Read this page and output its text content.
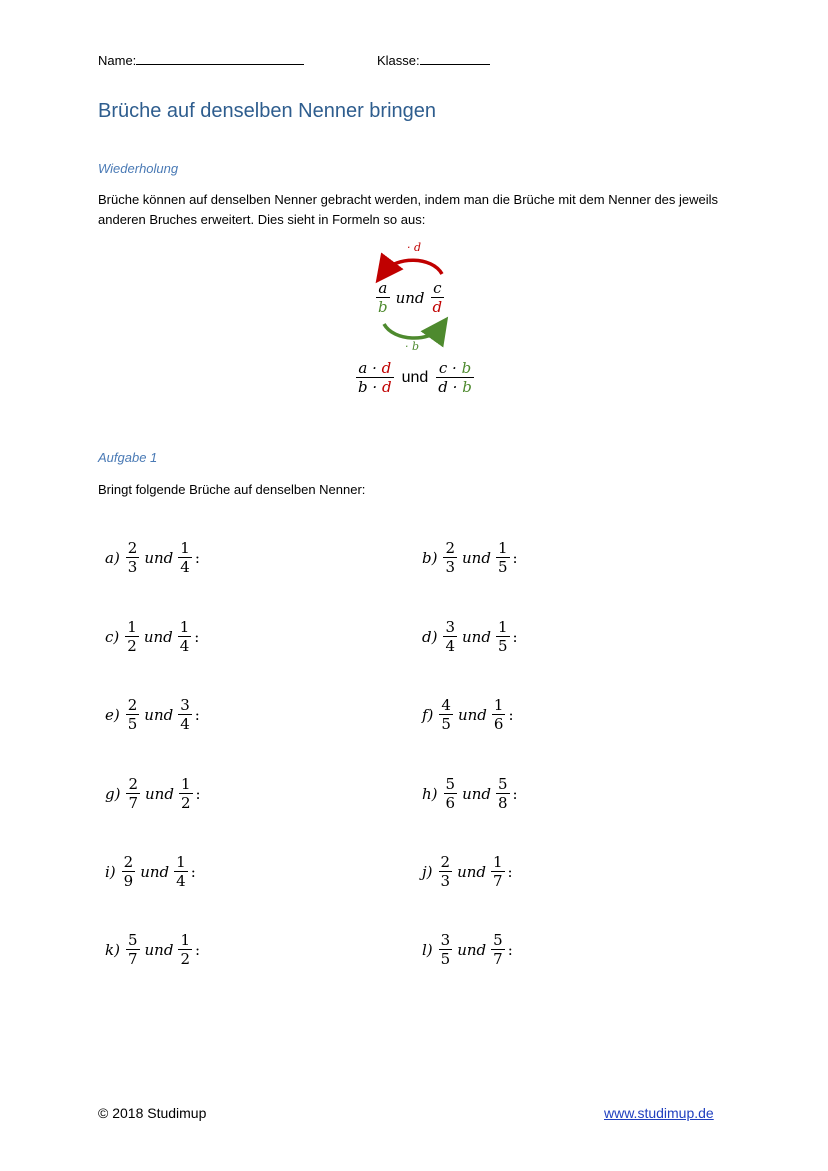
Name:	Klasse:
Brüche auf denselben Nenner bringen
Wiederholung
Brüche können auf denselben Nenner gebracht werden, indem man die Brüche mit dem Nenner des jeweils anderen Bruches erweitert. Dies sieht in Formeln so aus:
· d
$\frac{a}{b}$ und $\frac{c}{d}$
· b
$\frac{a \cdot d}{b \cdot d}$ und $\frac{c \cdot b}{d \cdot b}$
Aufgabe 1
Bringt folgende Brüche auf denselben Nenner:
$a) \frac{2}{3}$ und $\frac{1}{4}$ :	$b) \frac{2}{3}$ und $\frac{1}{5}$ :
$c) \frac{1}{2}$ und $\frac{1}{4}$ :	$d) \frac{3}{4}$ und $\frac{1}{5}$ :
$e) \frac{2}{5}$ und $\frac{3}{4}$ :	$f) \frac{4}{5}$ und $\frac{1}{6}$ :
$g) \frac{2}{7}$ und $\frac{1}{2}$ :	$h) \frac{5}{6}$ und $\frac{5}{8}$ :
$i) \frac{2}{9}$ und $\frac{1}{4}$ :	$j) \frac{2}{3}$ und $\frac{1}{7}$ :
$k) \frac{5}{7}$ und $\frac{1}{2}$ :	$l) \frac{3}{5}$ und $\frac{5}{7}$ :
© 2018 Studimup	www.studimup.de
